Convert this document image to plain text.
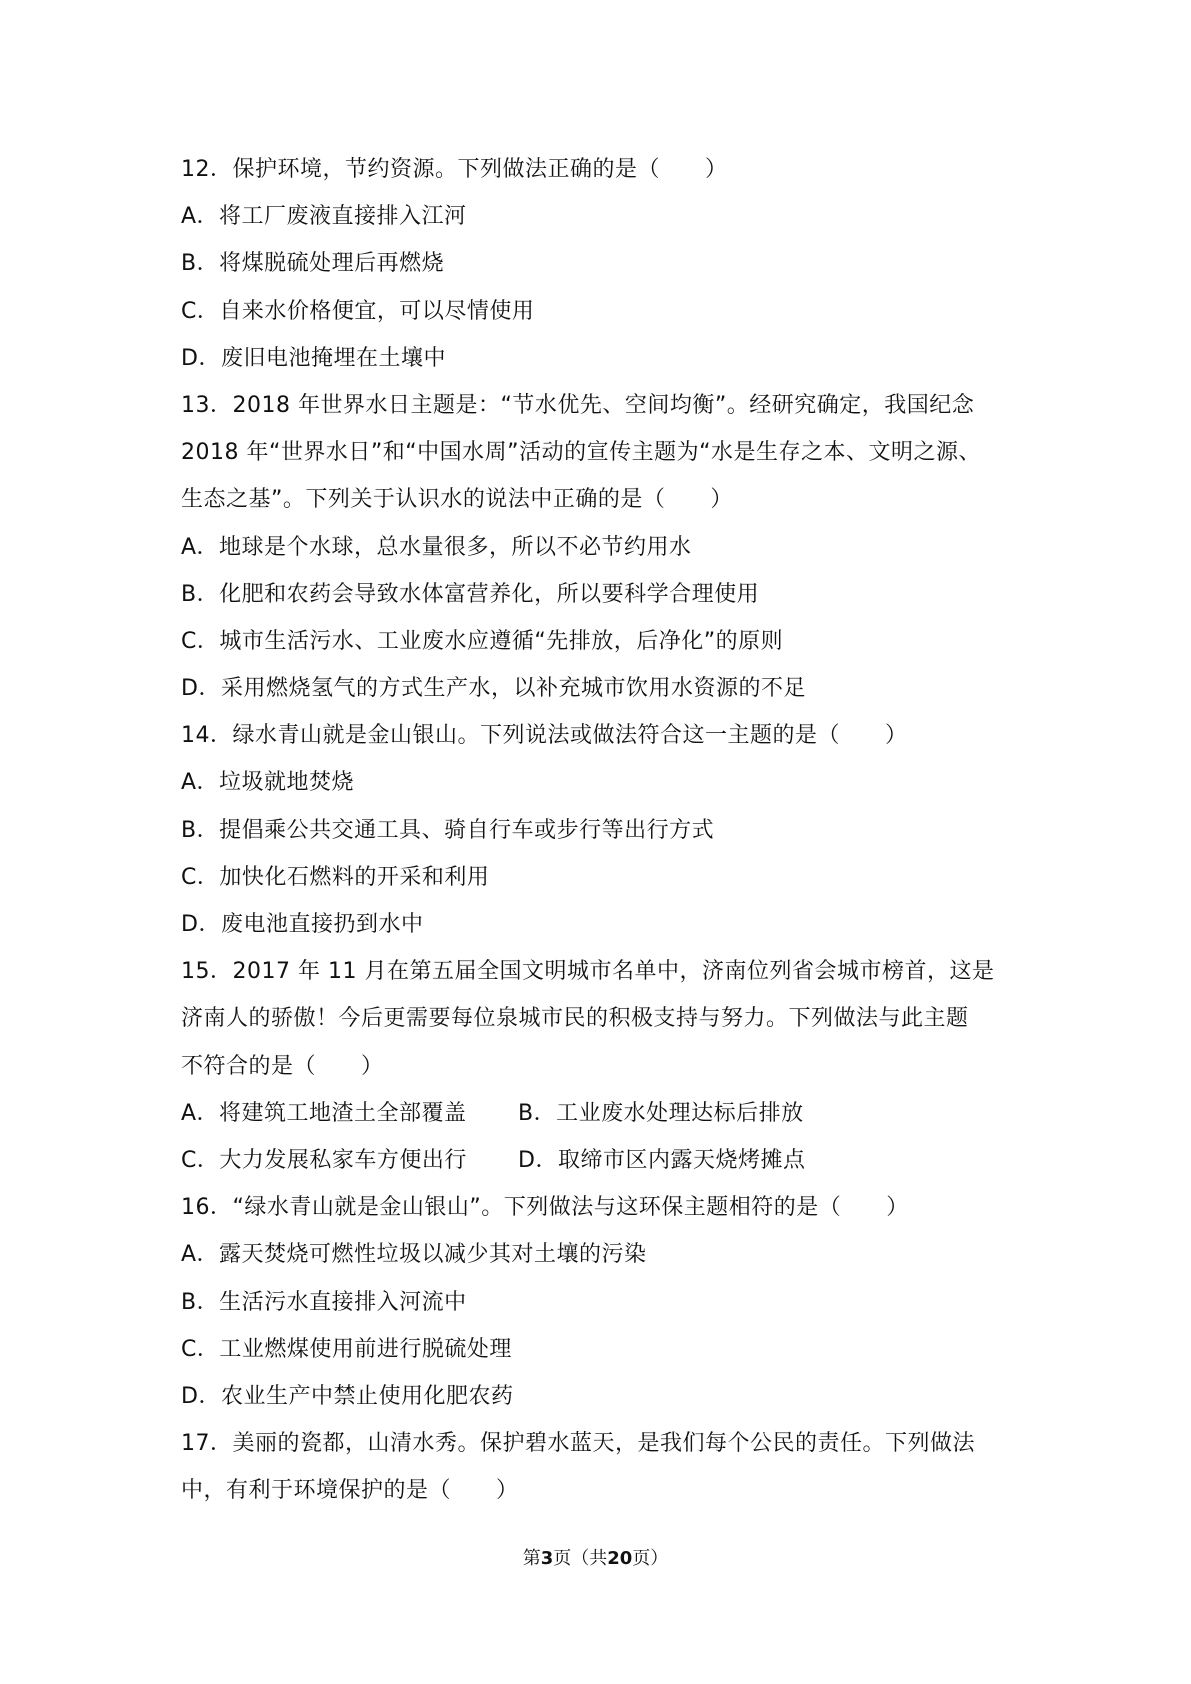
12．保护环境，节约资源。下列做法正确的是（　　）
A．将工厂废液直接排入江河
B．将煤脱硫处理后再燃烧
C．自来水价格便宜，可以尽情使用
D．废旧电池掩埋在土壤中
13．2018 年世界水日主题是：“节水优先、空间均衡”。经研究确定，我国纪念
2018 年“世界水日”和“中国水周”活动的宣传主题为“水是生存之本、文明之源、
生态之基”。下列关于认识水的说法中正确的是（　　）
A．地球是个水球，总水量很多，所以不必节约用水
B．化肥和农药会导致水体富营养化，所以要科学合理使用
C．城市生活污水、工业废水应遵循“先排放，后净化”的原则
D．采用燃烧氢气的方式生产水，以补充城市饮用水资源的不足
14．绿水青山就是金山银山。下列说法或做法符合这一主题的是（　　）
A．垃圾就地焚烧
B．提倡乘公共交通工具、骑自行车或步行等出行方式
C．加快化石燃料的开采和利用
D．废电池直接扔到水中
15．2017 年 11 月在第五届全国文明城市名单中，济南位列省会城市榜首，这是
济南人的骄傲！今后更需要每位泉城市民的积极支持与努力。下列做法与此主题
不符合的是（　　）
A．将建筑工地渣土全部覆盖	B．工业废水处理达标后排放
C．大力发展私家车方便出行	D．取缔市区内露天烧烤摊点
16．“绿水青山就是金山银山”。下列做法与这环保主题相符的是（　　）
A．露天焚烧可燃性垃圾以减少其对土壤的污染
B．生活污水直接排入河流中
C．工业燃煤使用前进行脱硫处理
D．农业生产中禁止使用化肥农药
17．美丽的瓷都，山清水秀。保护碧水蓝天，是我们每个公民的责任。下列做法
中，有利于环境保护的是（　　）
第3页（共20页）
